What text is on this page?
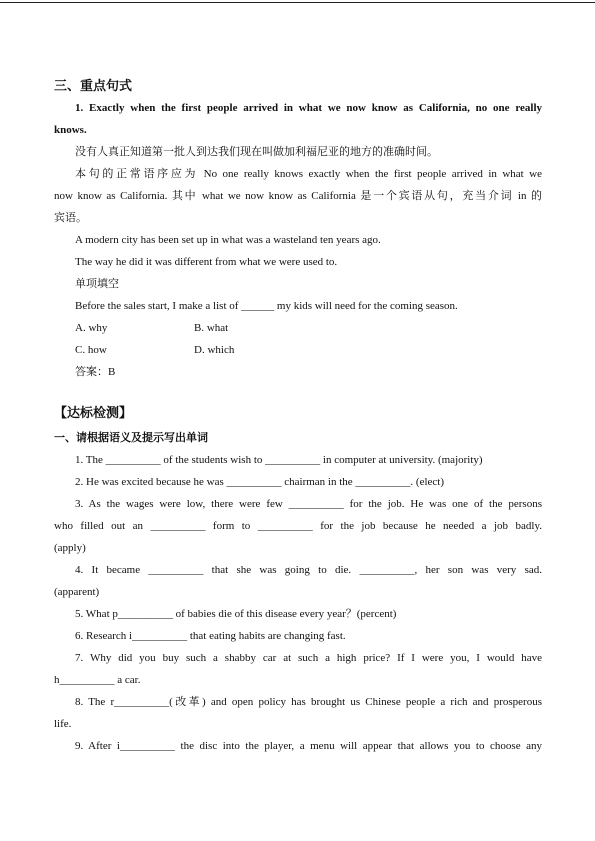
三、重点句式
1. Exactly when the first people arrived in what we now know as California, no one really
knows.
没有人真正知道第一批人到达我们现在叫做加利福尼亚的地方的准确时间。
本句的正常语序应为 No one really knows exactly when the first people arrived in what we
now know as California. 其中 what we now know as California 是一个宾语从句，充当介词 in 的
宾语。
A modern city has been set up in what was a wasteland ten years ago.
The way he did it was different from what we were used to.
单项填空
Before the sales start, I make a list of ______ my kids will need for the coming season.
A. why	B. what
C. how	D. which
答案：B
【达标检测】
一、请根据语义及提示写出单词
1. The __________ of the students wish to __________ in computer at university. (majority)
2. He was excited because he was __________ chairman in the __________. (elect)
3. As the wages were low, there were few __________ for the job. He was one of the persons
who filled out an __________ form to __________ for the job because he needed a job badly.
(apply)
4. It became __________ that she was going to die. __________, her son was very sad.
(apparent)
5. What p__________ of babies die of this disease every year？(percent)
6. Research i__________ that eating habits are changing fast.
7. Why did you buy such a shabby car at such a high price? If I were you, I would have
h__________ a car.
8. The r__________(改革) and open policy has brought us Chinese people a rich and prosperous
life.
9. After i__________ the disc into the player, a menu will appear that allows you to choose any
